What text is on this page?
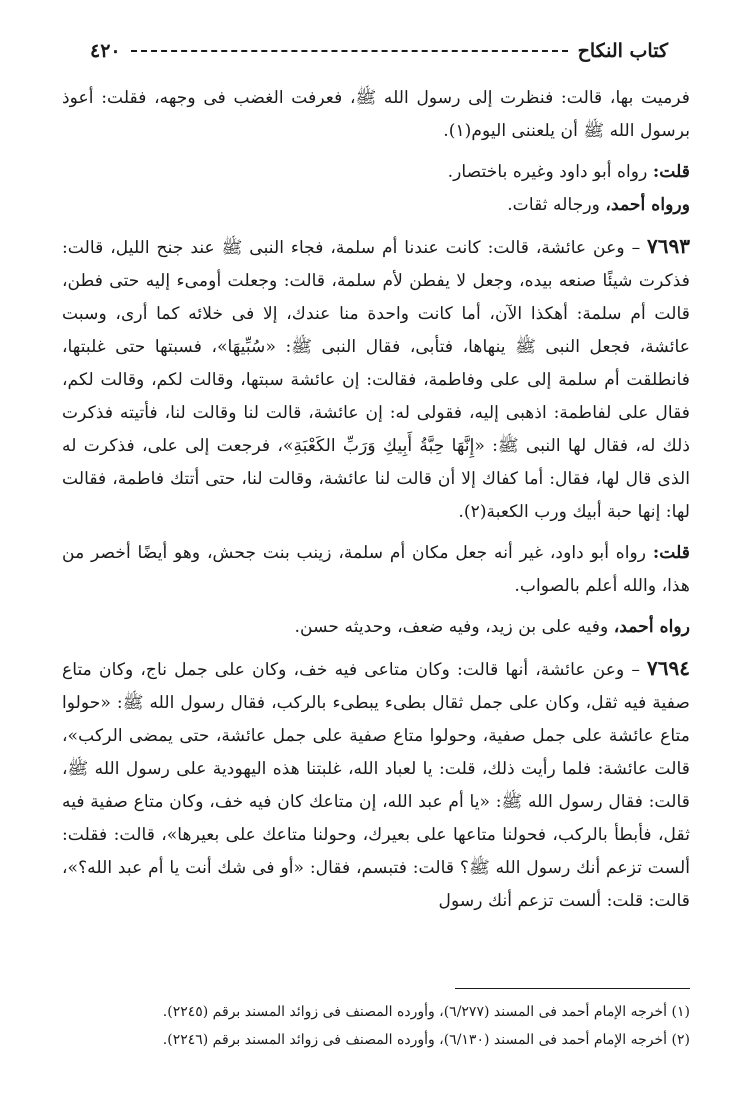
كتاب النكاح
٤٢٠

فرميت بها، قالت: فنظرت إلى رسول الله ﷺ، فعرفت الغضب فى وجهه، فقلت: أعوذ برسول الله ﷺ أن يلعننى اليوم(١).

قلت: رواه أبو داود وغيره باختصار.

ورواه أحمد، ورجاله ثقات.

٧٦٩٣ – وعن عائشة، قالت: كانت عندنا أم سلمة، فجاء النبى ﷺ عند جنح الليل، قالت: فذكرت شيئًا صنعه بيده، وجعل لا يفطن لأم سلمة، قالت: وجعلت أومىء إليه حتى فطن، قالت أم سلمة: أهكذا الآن، أما كانت واحدة منا عندك، إلا فى خلائه كما أرى، وسبت عائشة، فجعل النبى ﷺ ينهاها، فتأبى، فقال النبى ﷺ: «سُبِّيهَا»، فسبتها حتى غلبتها، فانطلقت أم سلمة إلى على وفاطمة، فقالت: إن عائشة سبتها، وقالت لكم، وقالت لكم، فقال على لفاطمة: اذهبى إليه، فقولى له: إن عائشة، قالت لنا وقالت لنا، فأتيته فذكرت ذلك له، فقال لها النبى ﷺ: «إِنَّهَا حِبَّةُ أَبِيكِ وَرَبِّ الكَعْبَةِ»، فرجعت إلى على، فذكرت له الذى قال لها، فقال: أما كفاك إلا أن قالت لنا عائشة، وقالت لنا، حتى أتتك فاطمة، فقالت لها: إنها حبة أبيك ورب الكعبة(٢).

قلت: رواه أبو داود، غير أنه جعل مكان أم سلمة، زينب بنت جحش، وهو أيضًا أخصر من هذا، والله أعلم بالصواب.

رواه أحمد، وفيه على بن زيد، وفيه ضعف، وحديثه حسن.

٧٦٩٤ – وعن عائشة، أنها قالت: وكان متاعى فيه خف، وكان على جمل ناج، وكان متاع صفية فيه ثقل، وكان على جمل ثقال بطىء يبطىء بالركب، فقال رسول الله ﷺ: «حولوا متاع عائشة على جمل صفية، وحولوا متاع صفية على جمل عائشة، حتى يمضى الركب»، قالت عائشة: فلما رأيت ذلك، قلت: يا لعباد الله، غلبتنا هذه اليهودية على رسول الله ﷺ، قالت: فقال رسول الله ﷺ: «يا أم عبد الله، إن متاعك كان فيه خف، وكان متاع صفية فيه ثقل، فأبطأ بالركب، فحولنا متاعها على بعيرك، وحولنا متاعك على بعيرها»، قالت: فقلت: ألست تزعم أنك رسول الله ﷺ؟ قالت: فتبسم، فقال: «أو فى شك أنت يا أم عبد الله؟»، قالت: قلت: ألست تزعم أنك رسول

(١) أخرجه الإمام أحمد فى المسند (٦/٢٧٧)، وأورده المصنف فى زوائد المسند برقم (٢٢٤٥).

(٢) أخرجه الإمام أحمد فى المسند (٦/١٣٠)، وأورده المصنف فى زوائد المسند برقم (٢٢٤٦).
